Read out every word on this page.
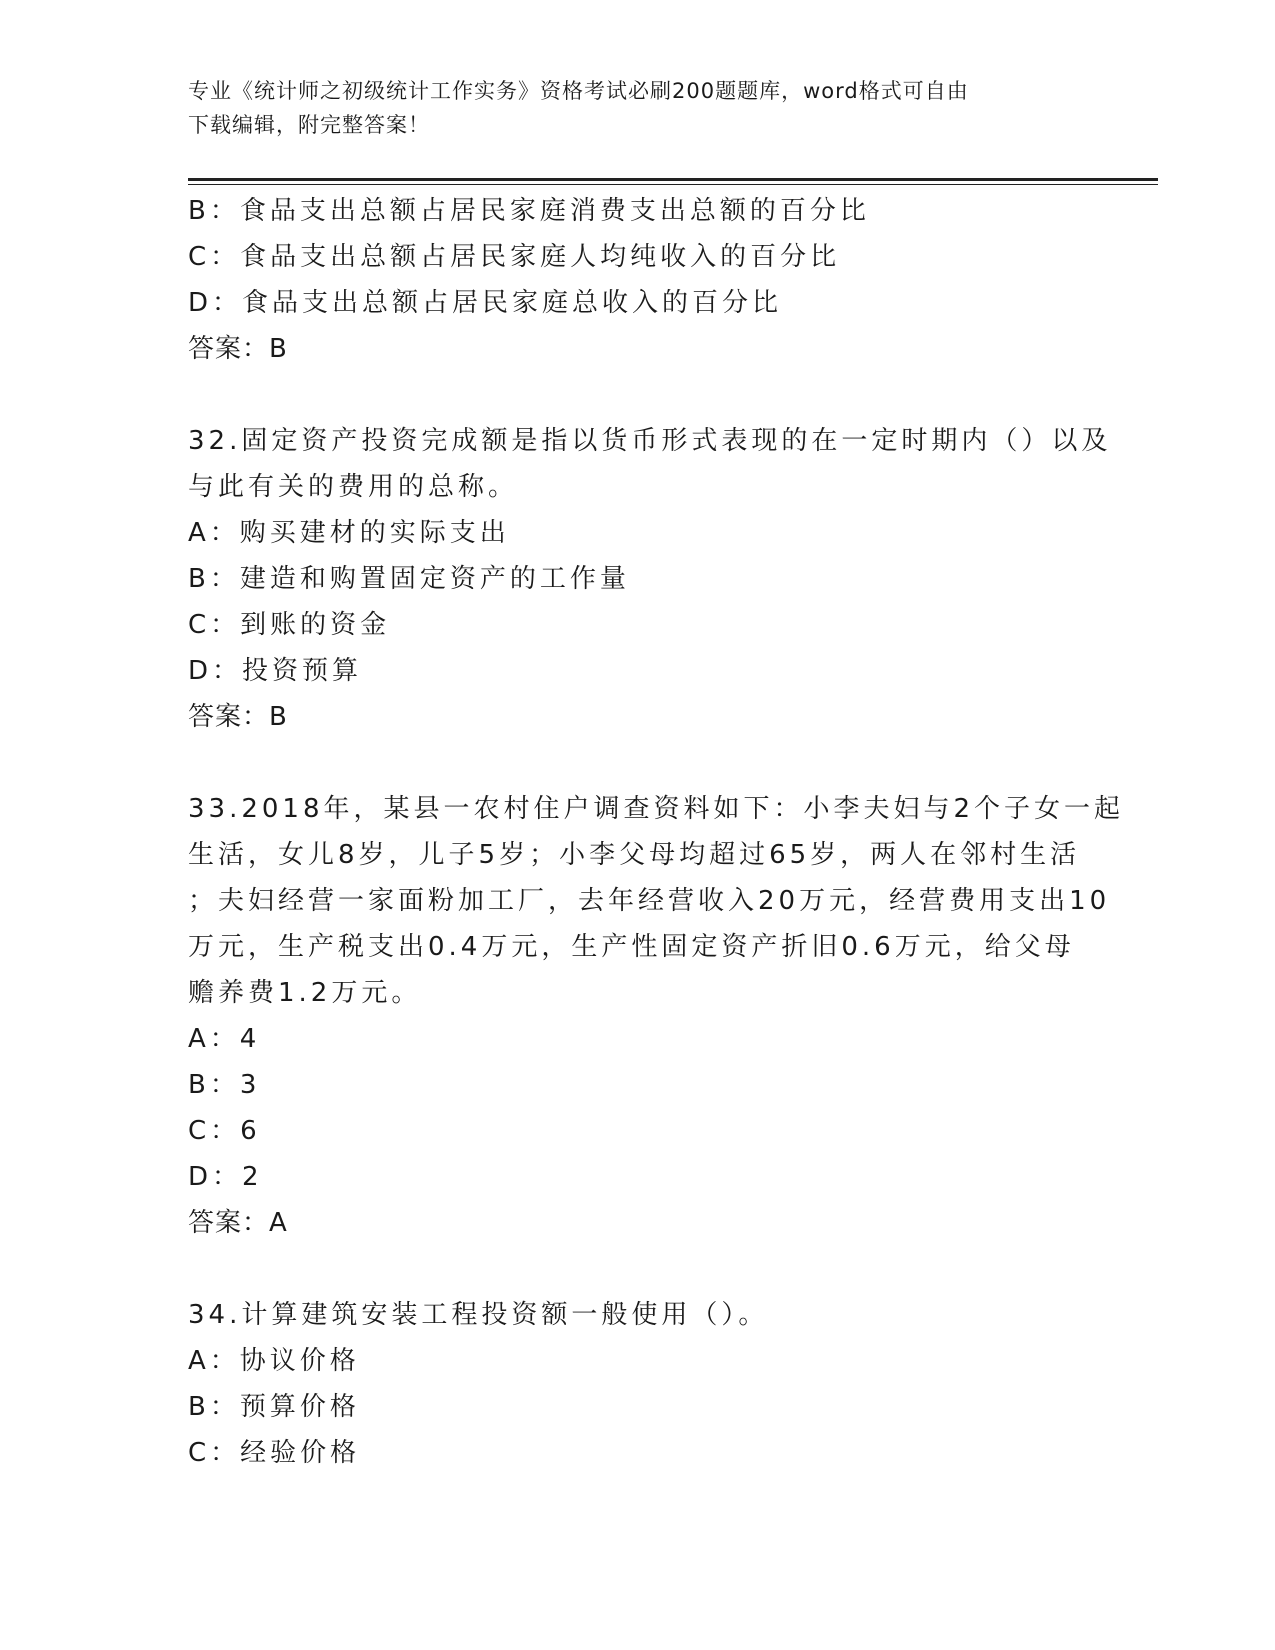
专业《统计师之初级统计工作实务》资格考试必刷200题题库，word格式可自由
下载编辑，附完整答案！
B：食品支出总额占居民家庭消费支出总额的百分比
C：食品支出总额占居民家庭人均纯收入的百分比
D：食品支出总额占居民家庭总收入的百分比
答案：B
32.固定资产投资完成额是指以货币形式表现的在一定时期内（）以及
与此有关的费用的总称。
A：购买建材的实际支出
B：建造和购置固定资产的工作量
C：到账的资金
D：投资预算
答案：B
33.2018年，某县一农村住户调查资料如下：小李夫妇与2个子女一起
生活，女儿8岁，儿子5岁；小李父母均超过65岁，两人在邻村生活
；夫妇经营一家面粉加工厂，去年经营收入20万元，经营费用支出10
万元，生产税支出0.4万元，生产性固定资产折旧0.6万元，给父母
赡养费1.2万元。
A：4
B：3
C：6
D：2
答案：A
34.计算建筑安装工程投资额一般使用（）。
A：协议价格
B：预算价格
C：经验价格
